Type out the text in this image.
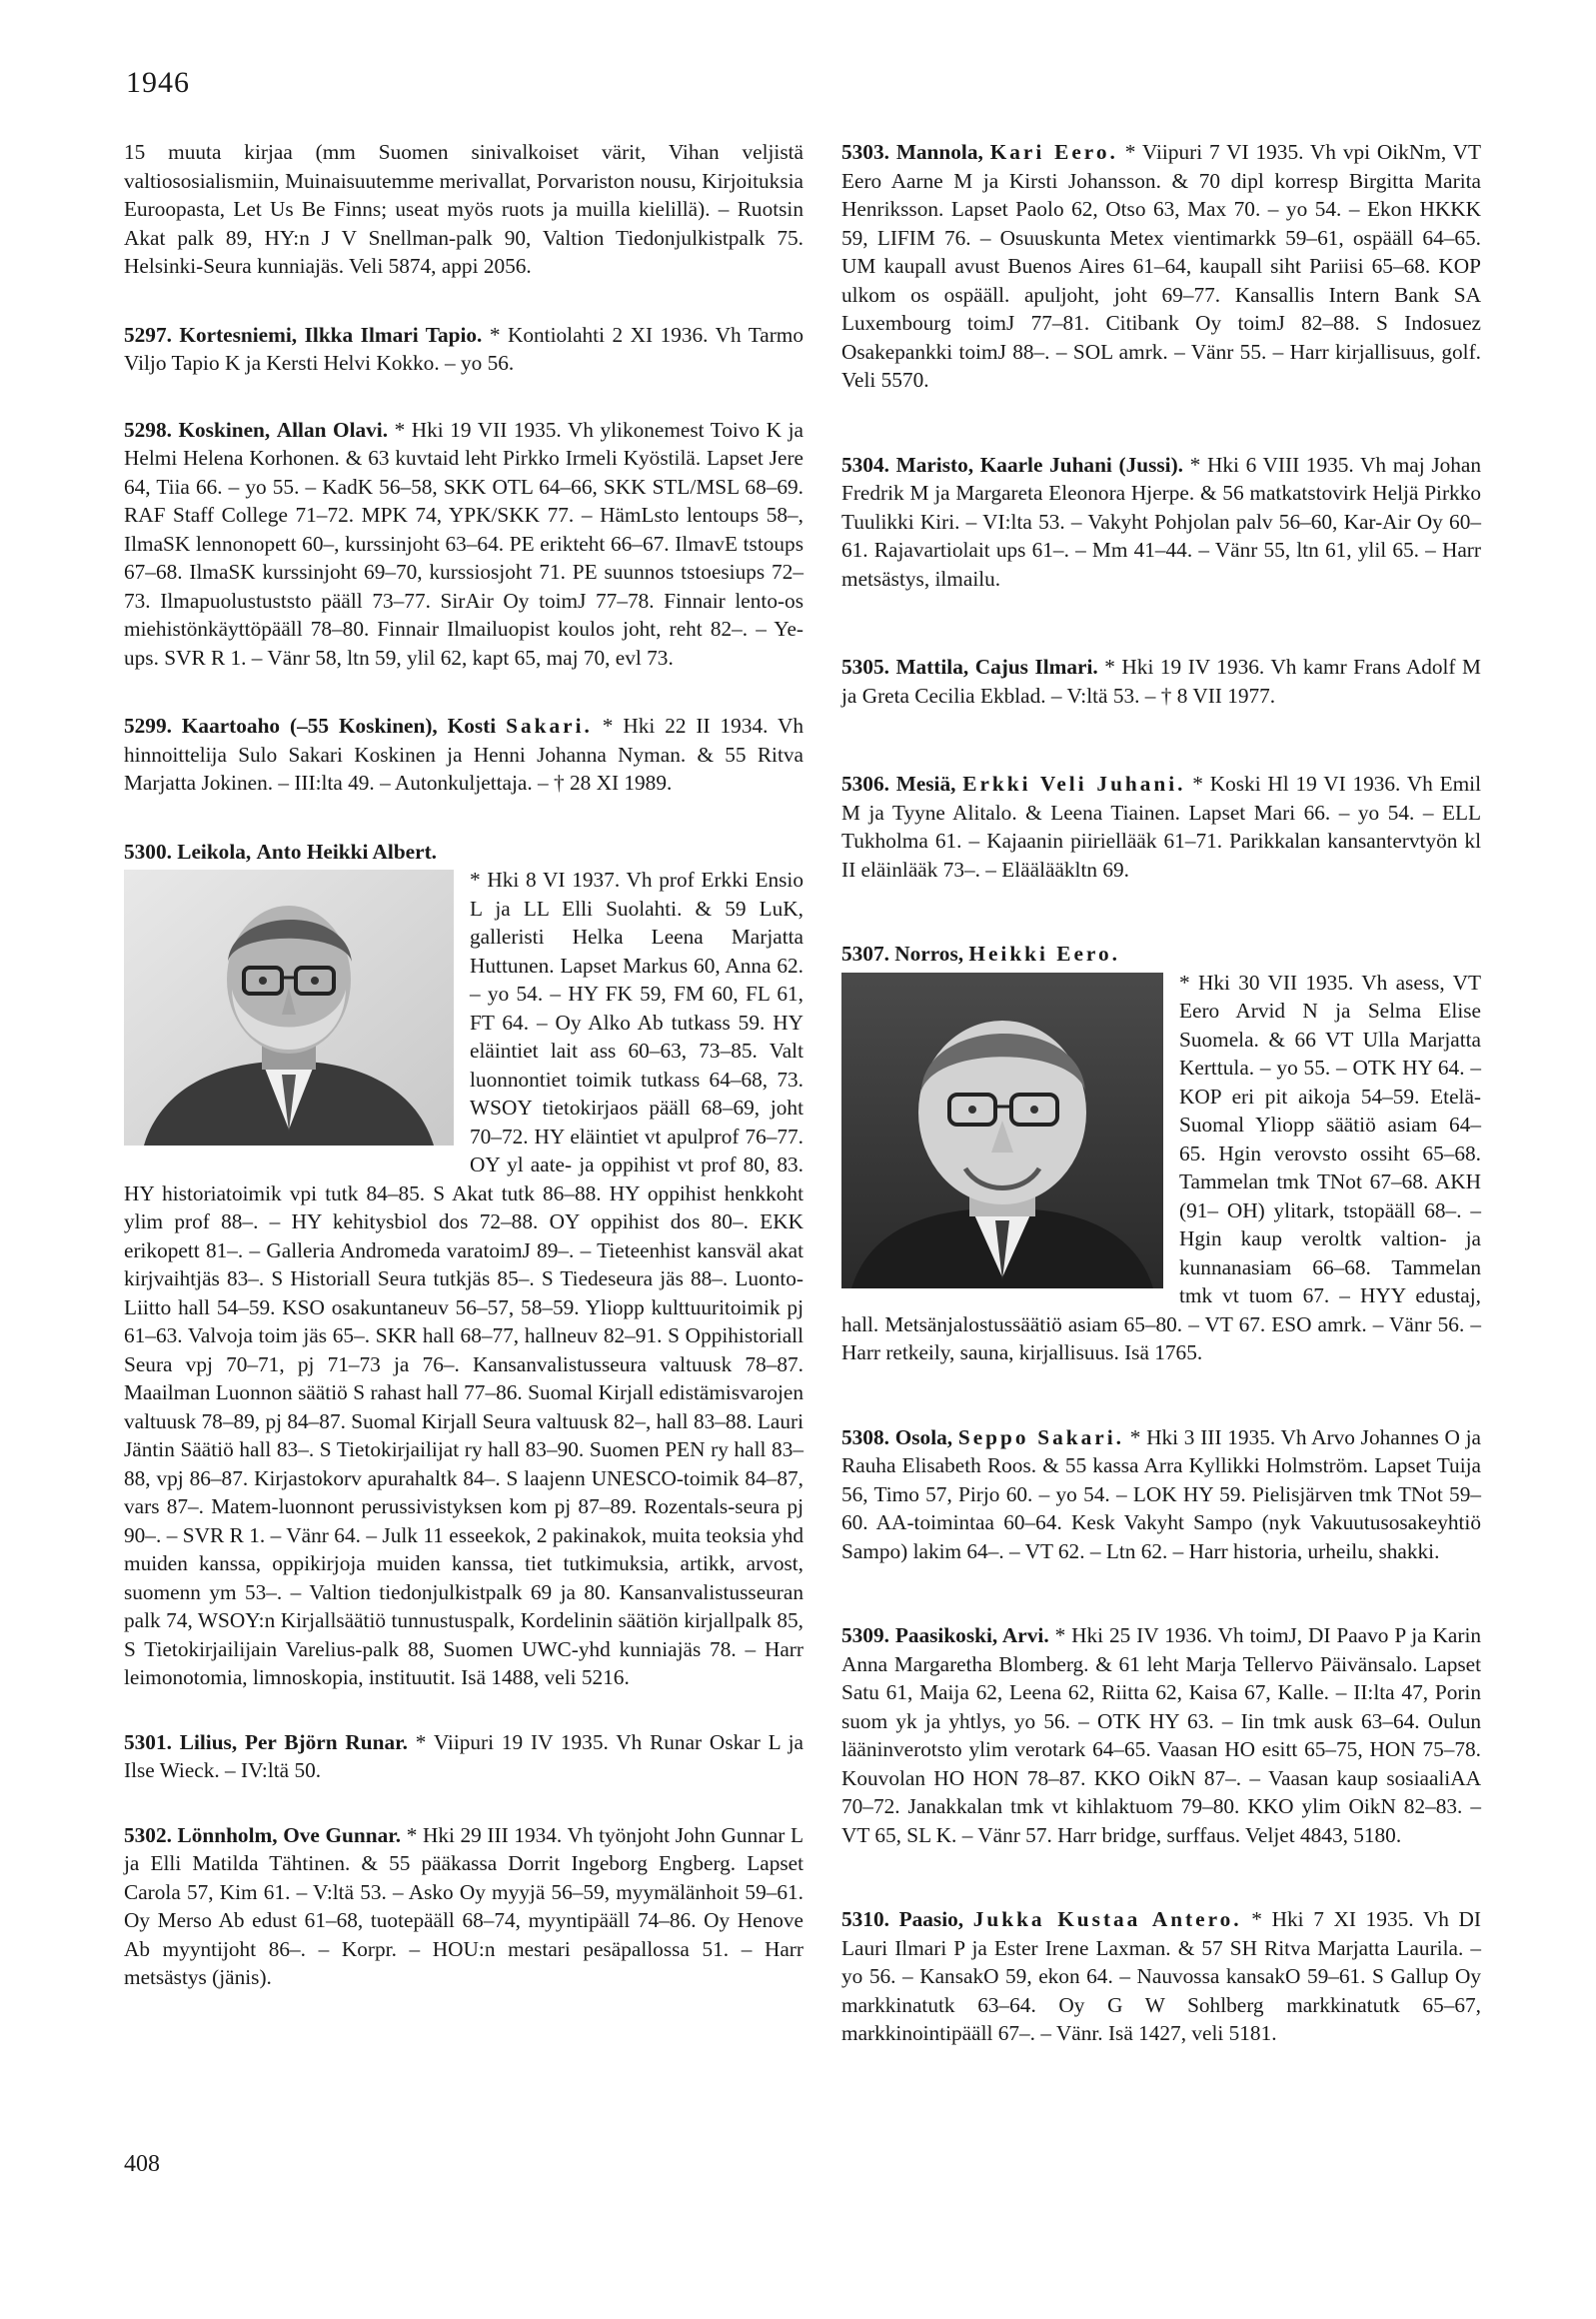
1946

15 muuta kirjaa (mm Suomen sinivalkoiset värit, Vihan veljistä valtiososialismiin, Muinaisuutemme merivallat, Porvariston nousu, Kirjoituksia Euroopasta, Let Us Be Finns; useat myös ruots ja muilla kielillä). – Ruotsin Akat palk 89, HY:n J V Snellman-palk 90, Valtion Tiedonjulkistpalk 75. Helsinki-Seura kunniajäs. Veli 5874, appi 2056.

5297. Kortesniemi, Ilkka Ilmari Tapio. * Kontiolahti 2 XI 1936. Vh Tarmo Viljo Tapio K ja Kersti Helvi Kokko. – yo 56.

5298. Koskinen, Allan Olavi. * Hki 19 VII 1935. Vh ylikonemest Toivo K ja Helmi Helena Korhonen. & 63 kuvtaid leht Pirkko Irmeli Kyöstilä. Lapset Jere 64, Tiia 66. – yo 55. – KadK 56–58, SKK OTL 64–66, SKK STL/MSL 68–69. RAF Staff College 71–72. MPK 74, YPK/SKK 77. – HämLsto lentoups 58–, IlmaSK lennonopett 60–, kurssinjoht 63–64. PE erikteht 66–67. IlmavE tstoups 67–68. IlmaSK kurssinjoht 69–70, kurssiosjoht 71. PE suunnos tstoesiups 72–73. Ilmapuolustuststo pääll 73–77. SirAir Oy toimJ 77–78. Finnair lento-os miehistönkäyttöpääll 78–80. Finnair Ilmailuopist koulos joht, reht 82–. – Ye-ups. SVR R 1. – Vänr 58, ltn 59, ylil 62, kapt 65, maj 70, evl 73.

5299. Kaartoaho (–55 Koskinen), Kosti Sakari. * Hki 22 II 1934. Vh hinnoittelija Sulo Sakari Koskinen ja Henni Johanna Nyman. & 55 Ritva Marjatta Jokinen. – III:lta 49. – Autonkuljettaja. – † 28 XI 1989.

5300. Leikola, Anto Heikki Albert.

* Hki 8 VI 1937. Vh prof Erkki Ensio L ja LL Elli Suolahti. & 59 LuK, galleristi Helka Leena Marjatta Huttunen. Lapset Markus 60, Anna 62. – yo 54. – HY FK 59, FM 60, FL 61, FT 64. – Oy Alko Ab tutkass 59. HY eläintiet lait ass 60–63, 73–85. Valt luonnontiet toimik tutkass 64–68, 73. WSOY tietokirjaos pääll 68–69, joht 70–72. HY eläintiet vt apulprof 76–77. OY yl aate- ja oppihist vt prof 80, 83. HY historiatoimik vpi tutk 84–85. S Akat tutk 86–88. HY oppihist henkkoht ylim prof 88–. – HY kehitysbiol dos 72–88. OY oppihist dos 80–. EKK erikopett 81–. – Galleria Andromeda varatoimJ 89–. – Tieteenhist kansväl akat kirjvaihtjäs 83–. S Historiall Seura tutkjäs 85–. S Tiedeseura jäs 88–. Luonto-Liitto hall 54–59. KSO osakuntaneuv 56–57, 58–59. Yliopp kulttuuritoimik pj 61–63. Valvoja toim jäs 65–. SKR hall 68–77, hallneuv 82–91. S Oppihistoriall Seura vpj 70–71, pj 71–73 ja 76–. Kansanvalistusseura valtuusk 78–87. Maailman Luonnon säätiö S rahast hall 77–86. Suomal Kirjall edistämisvarojen valtuusk 78–89, pj 84–87. Suomal Kirjall Seura valtuusk 82–, hall 83–88. Lauri Jäntin Säätiö hall 83–. S Tietokirjailijat ry hall 83–90. Suomen PEN ry hall 83–88, vpj 86–87. Kirjastokorv apurahaltk 84–. S laajenn UNESCO-toimik 84–87, vars 87–. Matem-luonnont perussivistyksen kom pj 87–89. Rozentals-seura pj 90–. – SVR R 1. – Vänr 64. – Julk 11 esseekok, 2 pakinakok, muita teoksia yhd muiden kanssa, oppikirjoja muiden kanssa, tiet tutkimuksia, artikk, arvost, suomenn ym 53–. – Valtion tiedonjulkistpalk 69 ja 80. Kansanvalistusseuran palk 74, WSOY:n Kirjallsäätiö tunnustuspalk, Kordelinin säätiön kirjallpalk 85, S Tietokirjailijain Varelius-palk 88, Suomen UWC-yhd kunniajäs 78. – Harr leimonotomia, limnoskopia, instituutit. Isä 1488, veli 5216.

5301. Lilius, Per Björn Runar. * Viipuri 19 IV 1935. Vh Runar Oskar L ja Ilse Wieck. – IV:ltä 50.

5302. Lönnholm, Ove Gunnar. * Hki 29 III 1934. Vh työnjoht John Gunnar L ja Elli Matilda Tähtinen. & 55 pääkassa Dorrit Ingeborg Engberg. Lapset Carola 57, Kim 61. – V:ltä 53. – Asko Oy myyjä 56–59, myymälänhoit 59–61. Oy Merso Ab edust 61–68, tuotepääll 68–74, myyntipääll 74–86. Oy Henove Ab myyntijoht 86–. – Korpr. – HOU:n mestari pesäpallossa 51. – Harr metsästys (jänis).

5303. Mannola, Kari Eero. * Viipuri 7 VI 1935. Vh vpi OikNm, VT Eero Aarne M ja Kirsti Johansson. & 70 dipl korresp Birgitta Marita Henriksson. Lapset Paolo 62, Otso 63, Max 70. – yo 54. – Ekon HKKK 59, LIFIM 76. – Osuuskunta Metex vientimarkk 59–61, ospääll 64–65. UM kaupall avust Buenos Aires 61–64, kaupall siht Pariisi 65–68. KOP ulkom os ospääll. apuljoht, joht 69–77. Kansallis Intern Bank SA Luxembourg toimJ 77–81. Citibank Oy toimJ 82–88. S Indosuez Osakepankki toimJ 88–. – SOL amrk. – Vänr 55. – Harr kirjallisuus, golf. Veli 5570.

5304. Maristo, Kaarle Juhani (Jussi). * Hki 6 VIII 1935. Vh maj Johan Fredrik M ja Margareta Eleonora Hjerpe. & 56 matkatstovirk Heljä Pirkko Tuulikki Kiri. – VI:lta 53. – Vakyht Pohjolan palv 56–60, Kar-Air Oy 60–61. Rajavartiolait ups 61–. – Mm 41–44. – Vänr 55, ltn 61, ylil 65. – Harr metsästys, ilmailu.

5305. Mattila, Cajus Ilmari. * Hki 19 IV 1936. Vh kamr Frans Adolf M ja Greta Cecilia Ekblad. – V:ltä 53. – † 8 VII 1977.

5306. Mesiä, Erkki Veli Juhani. * Koski Hl 19 VI 1936. Vh Emil M ja Tyyne Alitalo. & Leena Tiainen. Lapset Mari 66. – yo 54. – ELL Tukholma 61. – Kajaanin piiriellääk 61–71. Parikkalan kansantervtyön kl II eläinlääk 73–. – Eläälääkltn 69.

5307. Norros, Heikki Eero.

* Hki 30 VII 1935. Vh asess, VT Eero Arvid N ja Selma Elise Suomela. & 66 VT Ulla Marjatta Kerttula. – yo 55. – OTK HY 64. – KOP eri pit aikoja 54–59. Etelä-Suomal Yliopp säätiö asiam 64–65. Hgin verovsto ossiht 65–68. Tammelan tmk TNot 67–68. AKH (91– OH) ylitark, tstopääll 68–. – Hgin kaup veroltk valtion- ja kunnanasiam 66–68. Tammelan tmk vt tuom 67. – HYY edustaj, hall. Metsänjalostussäätiö asiam 65–80. – VT 67. ESO amrk. – Vänr 56. – Harr retkeily, sauna, kirjallisuus. Isä 1765.

5308. Osola, Seppo Sakari. * Hki 3 III 1935. Vh Arvo Johannes O ja Rauha Elisabeth Roos. & 55 kassa Arra Kyllikki Holmström. Lapset Tuija 56, Timo 57, Pirjo 60. – yo 54. – LOK HY 59. Pielisjärven tmk TNot 59–60. AA-toimintaa 60–64. Kesk Vakyht Sampo (nyk Vakuutusosakeyhtiö Sampo) lakim 64–. – VT 62. – Ltn 62. – Harr historia, urheilu, shakki.

5309. Paasikoski, Arvi. * Hki 25 IV 1936. Vh toimJ, DI Paavo P ja Karin Anna Margaretha Blomberg. & 61 leht Marja Tellervo Päivänsalo. Lapset Satu 61, Maija 62, Leena 62, Riitta 62, Kaisa 67, Kalle. – II:lta 47, Porin suom yk ja yhtlys, yo 56. – OTK HY 63. – Iin tmk ausk 63–64. Oulun lääninverotsto ylim verotark 64–65. Vaasan HO esitt 65–75, HON 75–78. Kouvolan HO HON 78–87. KKO OikN 87–. – Vaasan kaup sosiaaliAA 70–72. Janakkalan tmk vt kihlaktuom 79–80. KKO ylim OikN 82–83. – VT 65, SL K. – Vänr 57. Harr bridge, surffaus. Veljet 4843, 5180.

5310. Paasio, Jukka Kustaa Antero. * Hki 7 XI 1935. Vh DI Lauri Ilmari P ja Ester Irene Laxman. & 57 SH Ritva Marjatta Laurila. – yo 56. – KansakO 59, ekon 64. – Nauvossa kansakO 59–61. S Gallup Oy markkinatutk 63–64. Oy G W Sohlberg markkinatutk 65–67, markkinointipääll 67–. – Vänr. Isä 1427, veli 5181.

408
